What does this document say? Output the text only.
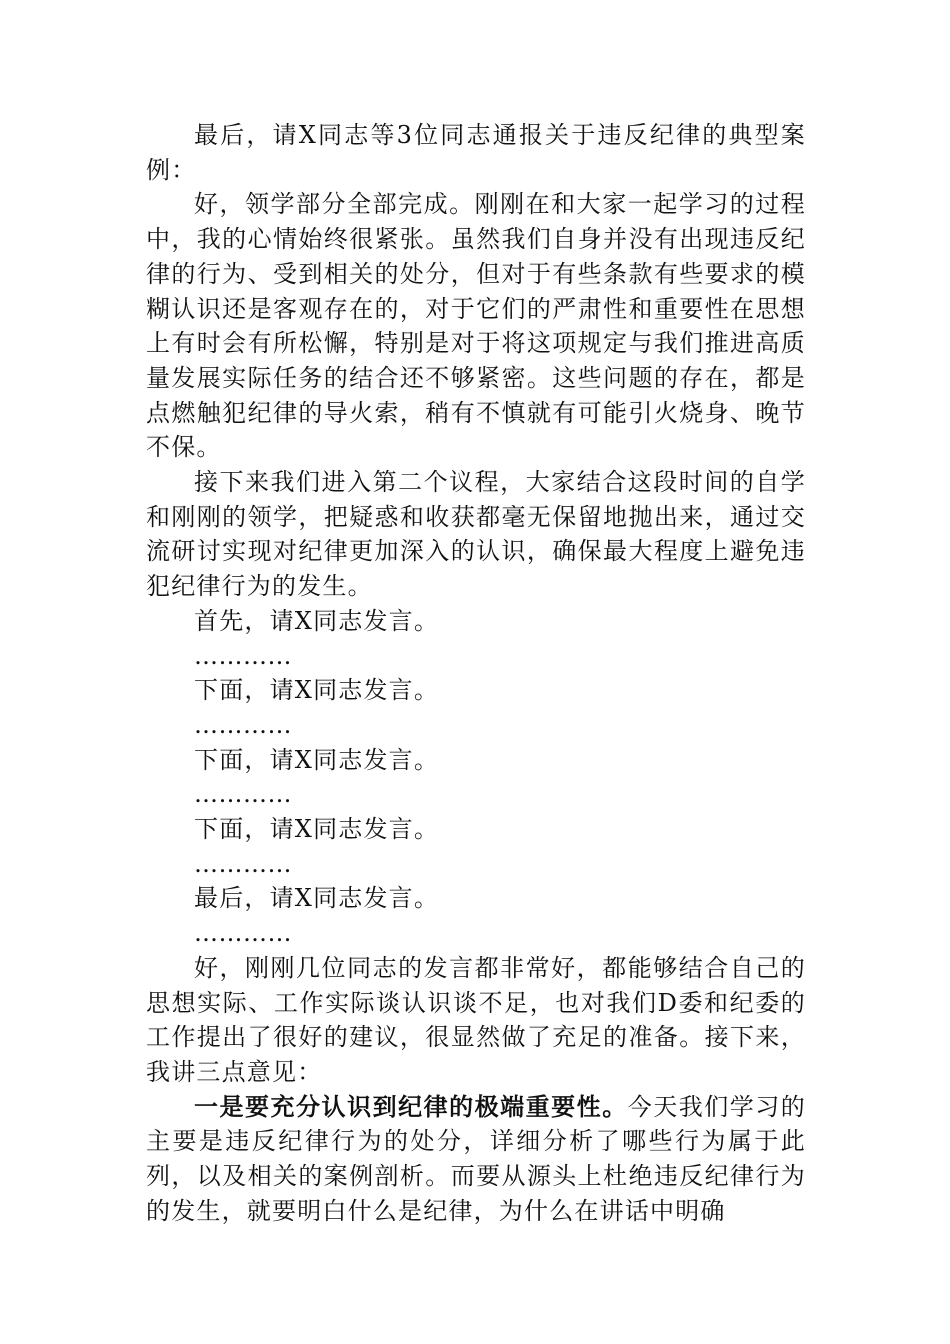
最后，请X同志等3位同志通报关于违反纪律的典型案例：

好，领学部分全部完成。刚刚在和大家一起学习的过程中，我的心情始终很紧张。虽然我们自身并没有出现违反纪律的行为、受到相关的处分，但对于有些条款有些要求的模糊认识还是客观存在的，对于它们的严肃性和重要性在思想上有时会有所松懈，特别是对于将这项规定与我们推进高质量发展实际任务的结合还不够紧密。这些问题的存在，都是点燃触犯纪律的导火索，稍有不慎就有可能引火烧身、晚节不保。

接下来我们进入第二个议程，大家结合这段时间的自学和刚刚的领学，把疑惑和收获都毫无保留地抛出来，通过交流研讨实现对纪律更加深入的认识，确保最大程度上避免违犯纪律行为的发生。

首先，请X同志发言。

…………

下面，请X同志发言。

…………

下面，请X同志发言。

…………

下面，请X同志发言。

…………

最后，请X同志发言。

…………

好，刚刚几位同志的发言都非常好，都能够结合自己的思想实际、工作实际谈认识谈不足，也对我们D委和纪委的工作提出了很好的建议，很显然做了充足的准备。接下来，我讲三点意见：

一是要充分认识到纪律的极端重要性。今天我们学习的主要是违反纪律行为的处分，详细分析了哪些行为属于此列，以及相关的案例剖析。而要从源头上杜绝违反纪律行为的发生，就要明白什么是纪律，为什么在讲话中明确
